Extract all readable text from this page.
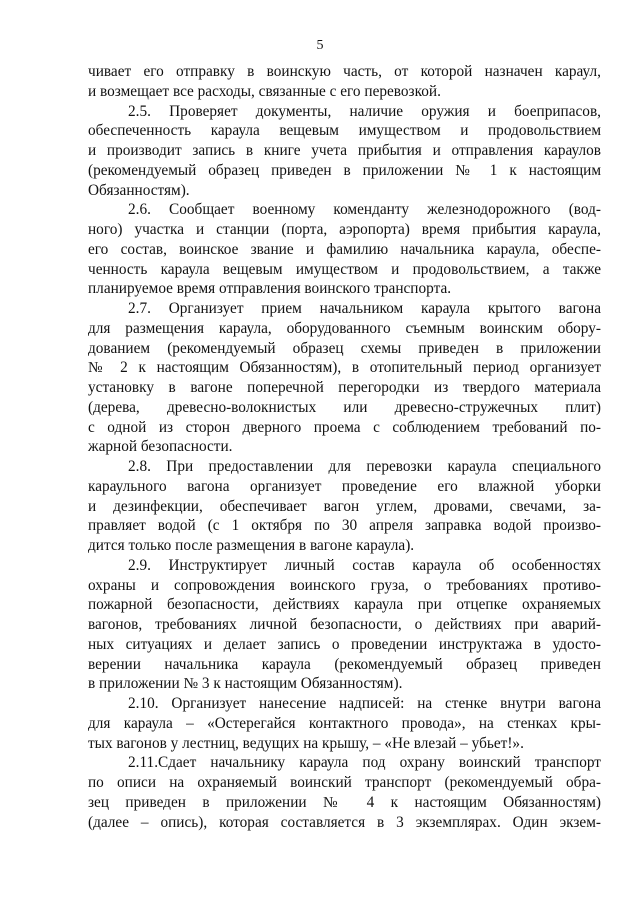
5
чивает его отправку в воинскую часть, от которой назначен караул,
и возмещает все расходы, связанные с его перевозкой.
2.5. Проверяет документы, наличие оружия и боеприпасов,
обеспеченность караула вещевым имуществом и продовольствием
и производит запись в книге учета прибытия и отправления караулов
(рекомендуемый образец приведен в приложении № 1 к настоящим
Обязанностям).
2.6. Сообщает военному коменданту железнодорожного (вод-
ного) участка и станции (порта, аэропорта) время прибытия караула,
его состав, воинское звание и фамилию начальника караула, обеспе-
ченность караула вещевым имуществом и продовольствием, а также
планируемое время отправления воинского транспорта.
2.7. Организует прием начальником караула крытого вагона
для размещения караула, оборудованного съемным воинским обору-
дованием (рекомендуемый образец схемы приведен в приложении
№ 2 к настоящим Обязанностям), в отопительный период организует
установку в вагоне поперечной перегородки из твердого материала
(дерева, древесно-волокнистых или древесно-стружечных плит)
с одной из сторон дверного проема с соблюдением требований по-
жарной безопасности.
2.8. При предоставлении для перевозки караула специального
караульного вагона организует проведение его влажной уборки
и дезинфекции, обеспечивает вагон углем, дровами, свечами, за-
правляет водой (с 1 октября по 30 апреля заправка водой произво-
дится только после размещения в вагоне караула).
2.9. Инструктирует личный состав караула об особенностях
охраны и сопровождения воинского груза, о требованиях противо-
пожарной безопасности, действиях караула при отцепке охраняемых
вагонов, требованиях личной безопасности, о действиях при аварий-
ных ситуациях и делает запись о проведении инструктажа в удосто-
верении начальника караула (рекомендуемый образец приведен
в приложении № 3 к настоящим Обязанностям).
2.10. Организует нанесение надписей: на стенке внутри вагона
для караула – «Остерегайся контактного провода», на стенках кры-
тых вагонов у лестниц, ведущих на крышу, – «Не влезай – убьет!».
2.11.Сдает начальнику караула под охрану воинский транспорт
по описи на охраняемый воинский транспорт (рекомендуемый обра-
зец приведен в приложении № 4 к настоящим Обязанностям)
(далее – опись), которая составляется в 3 экземплярах. Один экзем-
